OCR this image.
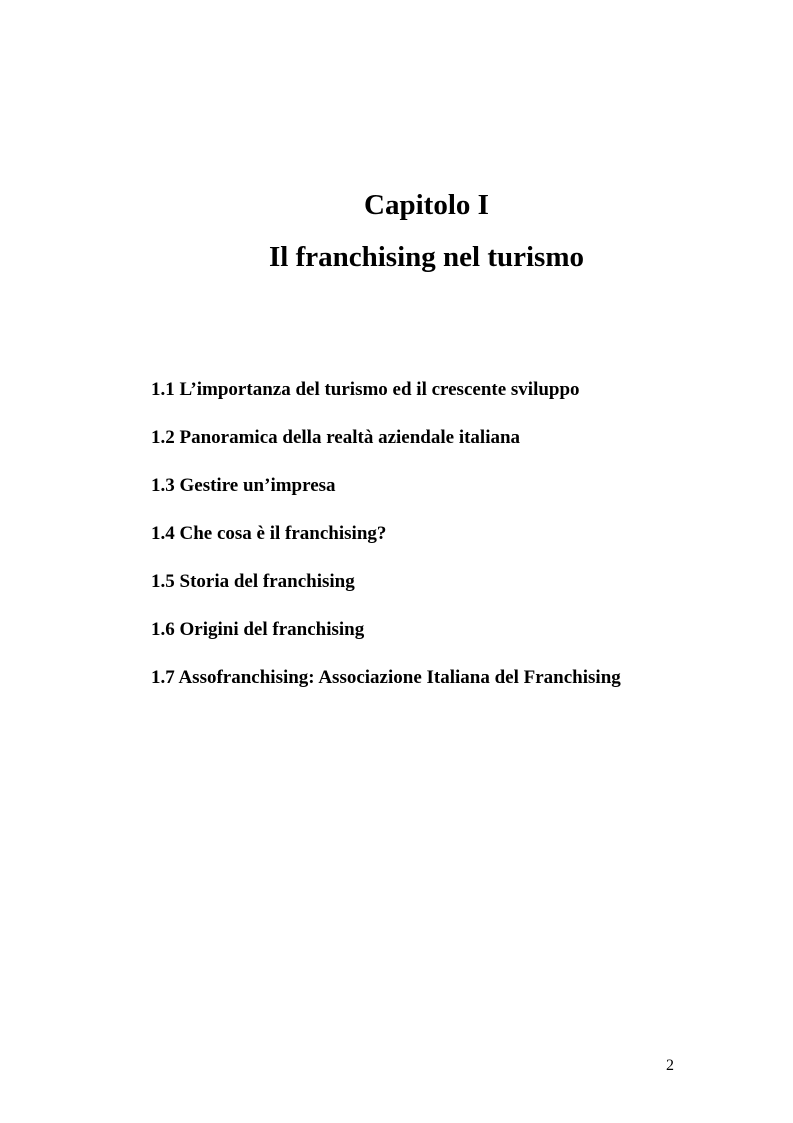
Capitolo I
Il franchising nel turismo
1.1 L’importanza del turismo ed il crescente sviluppo
1.2 Panoramica della realtà aziendale italiana
1.3 Gestire un’impresa
1.4 Che cosa è il franchising?
1.5 Storia del franchising
1.6 Origini del franchising
1.7 Assofranchising: Associazione Italiana del Franchising
2
